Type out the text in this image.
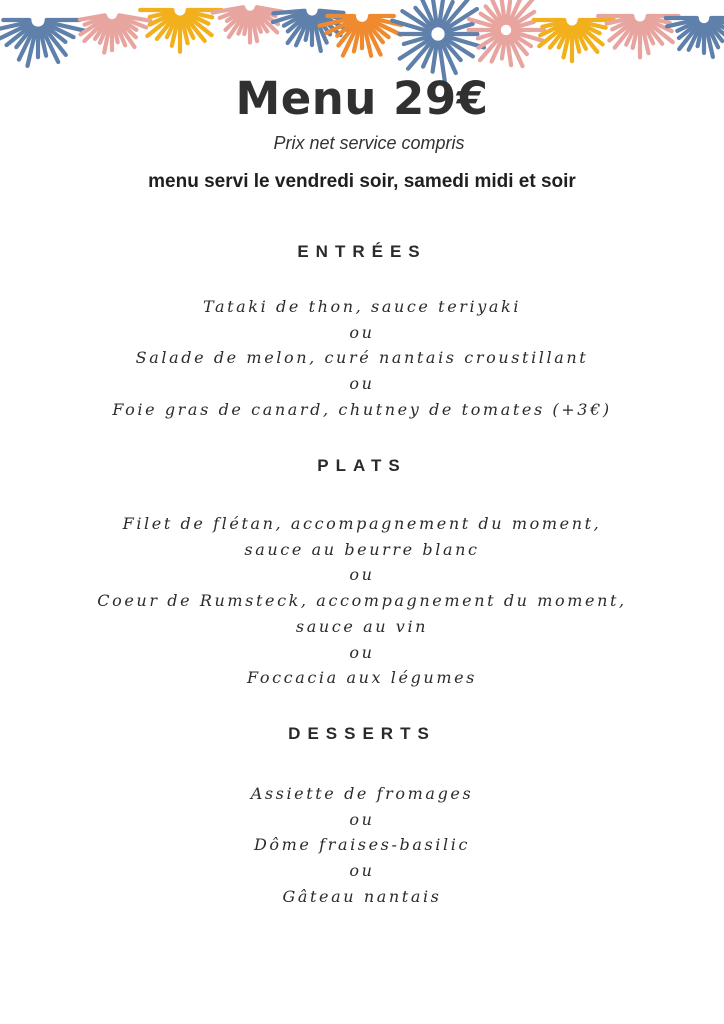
Menu 29€
Prix net service compris
menu servi le vendredi soir, samedi midi et soir
ENTRÉES
Tataki de thon, sauce teriyaki
ou
Salade de melon, curé nantais croustillant
ou
Foie gras de canard, chutney de tomates (+3€)
PLATS
Filet de flétan, accompagnement du moment,
sauce au beurre blanc
ou
Coeur de Rumsteck, accompagnement du moment,
sauce au vin
ou
Foccacia aux légumes
DESSERTS
Assiette de fromages
ou
Dôme fraises-basilic
ou
Gâteau nantais
